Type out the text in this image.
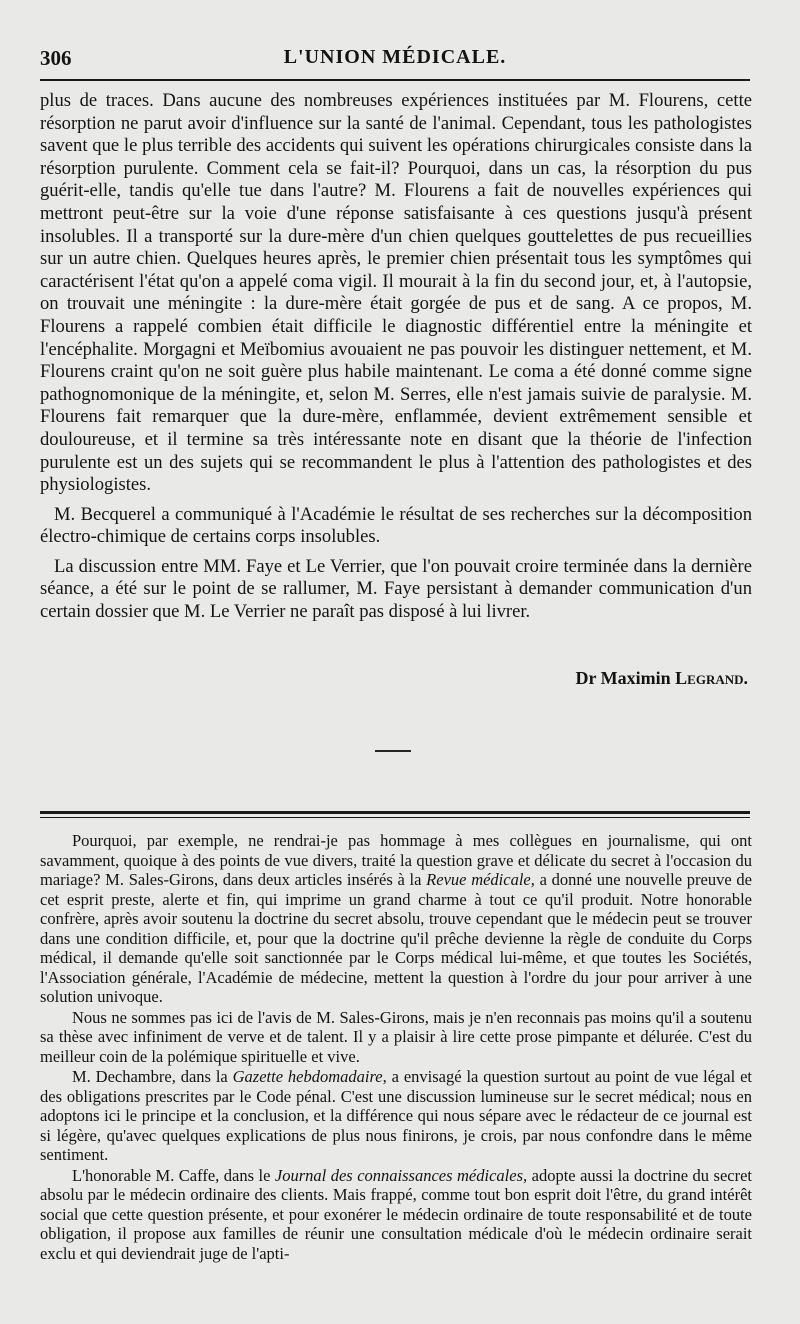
306	L'UNION MÉDICALE.

plus de traces. Dans aucune des nombreuses expériences instituées par M. Flourens, cette résorption ne parut avoir d'influence sur la santé de l'animal. Cependant, tous les pathologistes savent que le plus terrible des accidents qui suivent les opérations chirurgicales consiste dans la résorption purulente. Comment cela se fait-il? Pourquoi, dans un cas, la résorption du pus guérit-elle, tandis qu'elle tue dans l'autre? M. Flourens a fait de nouvelles expériences qui mettront peut-être sur la voie d'une réponse satisfaisante à ces questions jusqu'à présent insolubles. Il a transporté sur la dure-mère d'un chien quelques gouttelettes de pus recueillies sur un autre chien. Quelques heures après, le premier chien présentait tous les symptômes qui caractérisent l'état qu'on a appelé coma vigil. Il mourait à la fin du second jour, et, à l'autopsie, on trouvait une méningite : la dure-mère était gorgée de pus et de sang. A ce propos, M. Flourens a rappelé combien était difficile le diagnostic différentiel entre la méningite et l'encéphalite. Morgagni et Meïbomius avouaient ne pas pouvoir les distinguer nettement, et M. Flourens craint qu'on ne soit guère plus habile maintenant. Le coma a été donné comme signe pathognomonique de la méningite, et, selon M. Serres, elle n'est jamais suivie de paralysie. M. Flourens fait remarquer que la dure-mère, enflammée, devient extrêmement sensible et douloureuse, et il termine sa très intéressante note en disant que la théorie de l'infection purulente est un des sujets qui se recommandent le plus à l'attention des pathologistes et des physiologistes.

M. Becquerel a communiqué à l'Académie le résultat de ses recherches sur la décomposition électro-chimique de certains corps insolubles.

La discussion entre MM. Faye et Le Verrier, que l'on pouvait croire terminée dans la dernière séance, a été sur le point de se rallumer, M. Faye persistant à demander communication d'un certain dossier que M. Le Verrier ne paraît pas disposé à lui livrer.

Dr Maximin Legrand.

Pourquoi, par exemple, ne rendrai-je pas hommage à mes collègues en journalisme, qui ont savamment, quoique à des points de vue divers, traité la question grave et délicate du secret à l'occasion du mariage? M. Sales-Girons, dans deux articles insérés à la Revue médicale, a donné une nouvelle preuve de cet esprit preste, alerte et fin, qui imprime un grand charme à tout ce qu'il produit. Notre honorable confrère, après avoir soutenu la doctrine du secret absolu, trouve cependant que le médecin peut se trouver dans une condition difficile, et, pour que la doctrine qu'il prêche devienne la règle de conduite du Corps médical, il demande qu'elle soit sanctionnée par le Corps médical lui-même, et que toutes les Sociétés, l'Association générale, l'Académie de médecine, mettent la question à l'ordre du jour pour arriver à une solution univoque.

Nous ne sommes pas ici de l'avis de M. Sales-Girons, mais je n'en reconnais pas moins qu'il a soutenu sa thèse avec infiniment de verve et de talent. Il y a plaisir à lire cette prose pimpante et délurée. C'est du meilleur coin de la polémique spirituelle et vive.

M. Dechambre, dans la Gazette hebdomadaire, a envisagé la question surtout au point de vue légal et des obligations prescrites par le Code pénal. C'est une discussion lumineuse sur le secret médical; nous en adoptons ici le principe et la conclusion, et la différence qui nous sépare avec le rédacteur de ce journal est si légère, qu'avec quelques explications de plus nous finirons, je crois, par nous confondre dans le même sentiment.

L'honorable M. Caffe, dans le Journal des connaissances médicales, adopte aussi la doctrine du secret absolu par le médecin ordinaire des clients. Mais frappé, comme tout bon esprit doit l'être, du grand intérêt social que cette question présente, et pour exonérer le médecin ordinaire de toute responsabilité et de toute obligation, il propose aux familles de réunir une consultation médicale d'où le médecin ordinaire serait exclu et qui deviendrait juge de l'apti-
